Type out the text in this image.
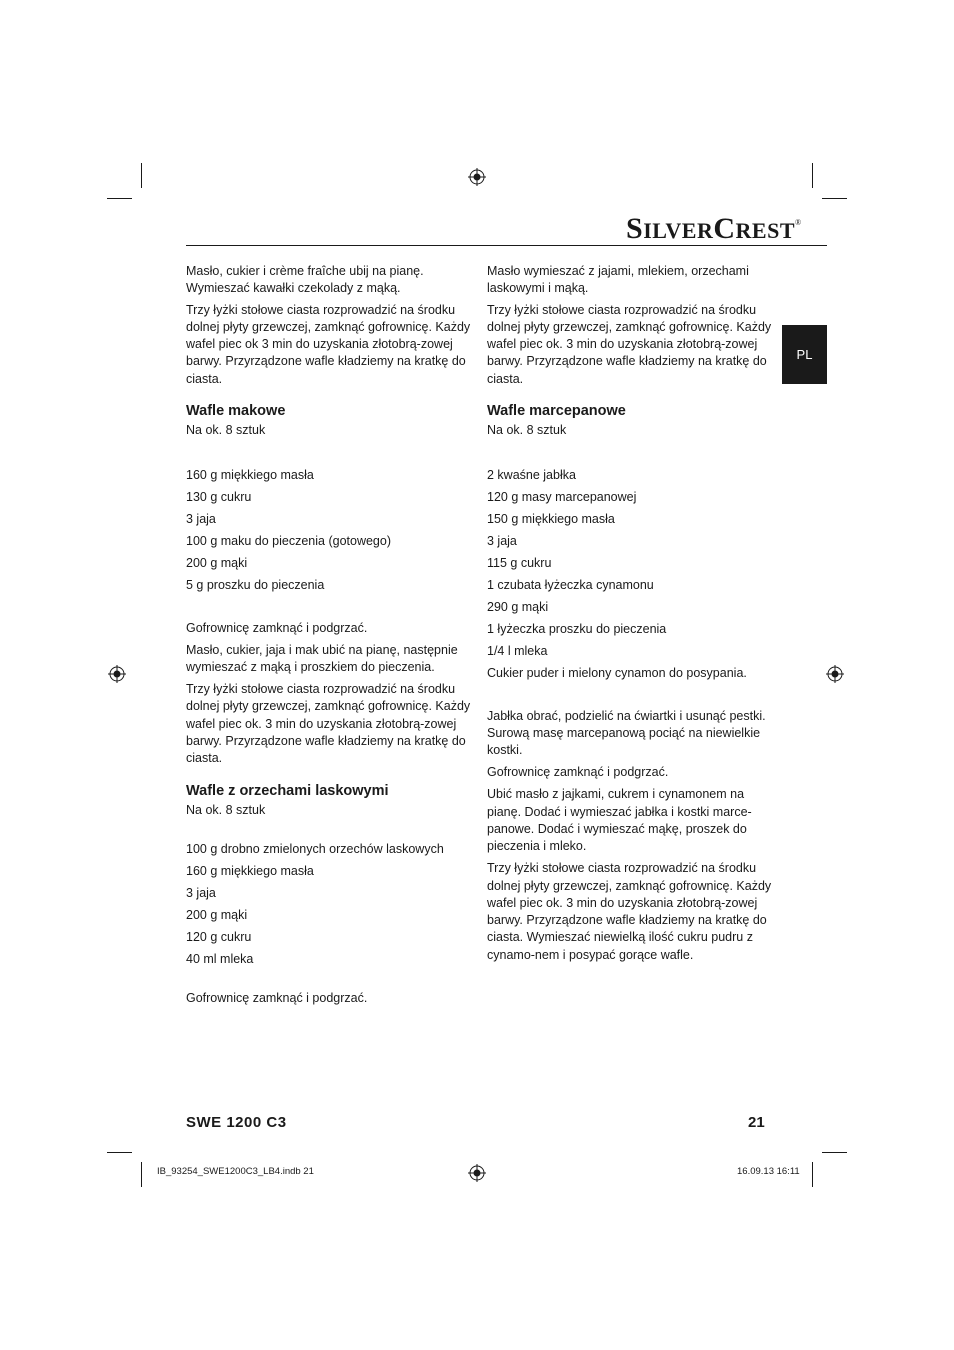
SILVERCREST®
PL

Masło, cukier i crème fraîche ubij na pianę. Wymieszać kawałki czekolady z mąką.

Trzy łyżki stołowe ciasta rozprowadzić na środku dolnej płyty grzewczej, zamknąć gofrownicę. Każdy wafel piec ok 3 min do uzyskania złotobrą-zowej barwy. Przyrządzone wafle kładziemy na kratkę do ciasta.

Wafle makowe

Na ok. 8 sztuk

160 g miękkiego masła

130 g cukru

3 jaja

100 g maku do pieczenia (gotowego)

200 g mąki

5 g proszku do pieczenia

Gofrownicę zamknąć i podgrzać.

Masło, cukier, jaja i mak ubić na pianę, następnie wymieszać z mąką i proszkiem do pieczenia.

Trzy łyżki stołowe ciasta rozprowadzić na środku dolnej płyty grzewczej, zamknąć gofrownicę. Każdy wafel piec ok. 3 min do uzyskania złotobrą-zowej barwy. Przyrządzone wafle kładziemy na kratkę do ciasta.

Wafle z orzechami laskowymi

Na ok. 8 sztuk

100 g drobno zmielonych orzechów laskowych

160 g miękkiego masła

3 jaja

200 g mąki

120 g cukru

40 ml mleka

Gofrownicę zamknąć i podgrzać.

Masło wymieszać z jajami, mlekiem, orzechami laskowymi i mąką.

Trzy łyżki stołowe ciasta rozprowadzić na środku dolnej płyty grzewczej, zamknąć gofrownicę. Każdy wafel piec ok. 3 min do uzyskania złotobrą-zowej barwy. Przyrządzone wafle kładziemy na kratkę do ciasta.

Wafle marcepanowe

Na ok. 8 sztuk

2 kwaśne jabłka

120 g masy marcepanowej

150 g miękkiego masła

3 jaja

115 g cukru

1 czubata łyżeczka cynamonu

290 g mąki

1 łyżeczka proszku do pieczenia

1/4 l mleka

Cukier puder i mielony cynamon do posypania.

Jabłka obrać, podzielić na ćwiartki i usunąć pestki. Surową masę marcepanową pociąć na niewielkie kostki.

Gofrownicę zamknąć i podgrzać.

Ubić masło z jajkami, cukrem i cynamonem na pianę. Dodać i wymieszać jabłka i kostki marce-panowe. Dodać i wymieszać mąkę, proszek do pieczenia i mleko.

Trzy łyżki stołowe ciasta rozprowadzić na środku dolnej płyty grzewczej, zamknąć gofrownicę. Każdy wafel piec ok. 3 min do uzyskania złotobrą-zowej barwy. Przyrządzone wafle kładziemy na kratkę do ciasta. Wymieszać niewielką ilość cukru pudru z cynamo-nem i posypać gorące wafle.

SWE 1200 C3	21
IB_93254_SWE1200C3_LB4.indb 21	16.09.13 16:11
